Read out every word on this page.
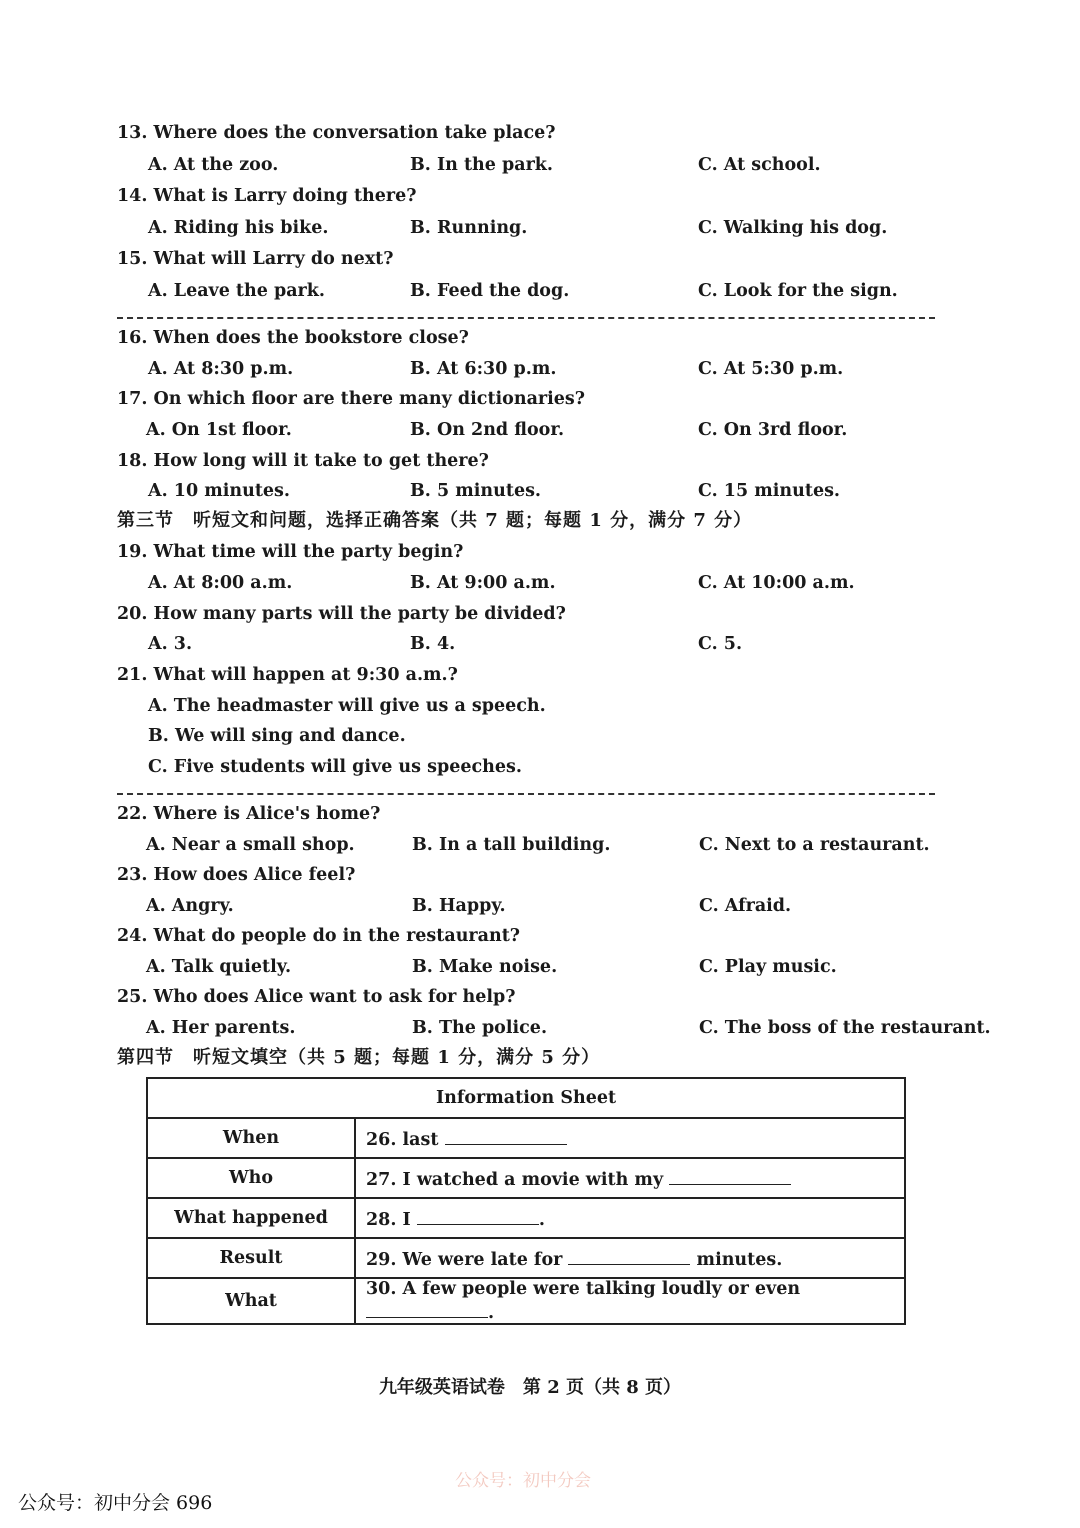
13. Where does the conversation take place?
A. At the zoo.	B. In the park.	C. At school.
14. What is Larry doing there?
A. Riding his bike.	B. Running.	C. Walking his dog.
15. What will Larry do next?
A. Leave the park.	B. Feed the dog.	C. Look for the sign.
16. When does the bookstore close?
A. At 8:30 p.m.	B. At 6:30 p.m.	C. At 5:30 p.m.
17. On which floor are there many dictionaries?
A. On 1st floor.	B. On 2nd floor.	C. On 3rd floor.
18. How long will it take to get there?
A. 10 minutes.	B. 5 minutes.	C. 15 minutes.
第三节　听短文和问题，选择正确答案（共 7 题；每题 1 分，满分 7 分）
19. What time will the party begin?
A. At 8:00 a.m.	B. At 9:00 a.m.	C. At 10:00 a.m.
20. How many parts will the party be divided?
A. 3.	B. 4.	C. 5.
21. What will happen at 9:30 a.m.?
A. The headmaster will give us a speech.
B. We will sing and dance.
C. Five students will give us speeches.
22. Where is Alice's home?
A. Near a small shop.	B. In a tall building.	C. Next to a restaurant.
23. How does Alice feel?
A. Angry.	B. Happy.	C. Afraid.
24. What do people do in the restaurant?
A. Talk quietly.	B. Make noise.	C. Play music.
25. Who does Alice want to ask for help?
A. Her parents.	B. The police.	C. The boss of the restaurant.
第四节　听短文填空（共 5 题；每题 1 分，满分 5 分）
Information Sheet	
When	26. last
Who	27. I watched a movie with my
What happened	28. I .
Result	29. We were late for minutes.
What	30. A few people were talking loudly or even .
九年级英语试卷　第 2 页（共 8 页）
公众号：初中分会
公众号：初中分会 696
